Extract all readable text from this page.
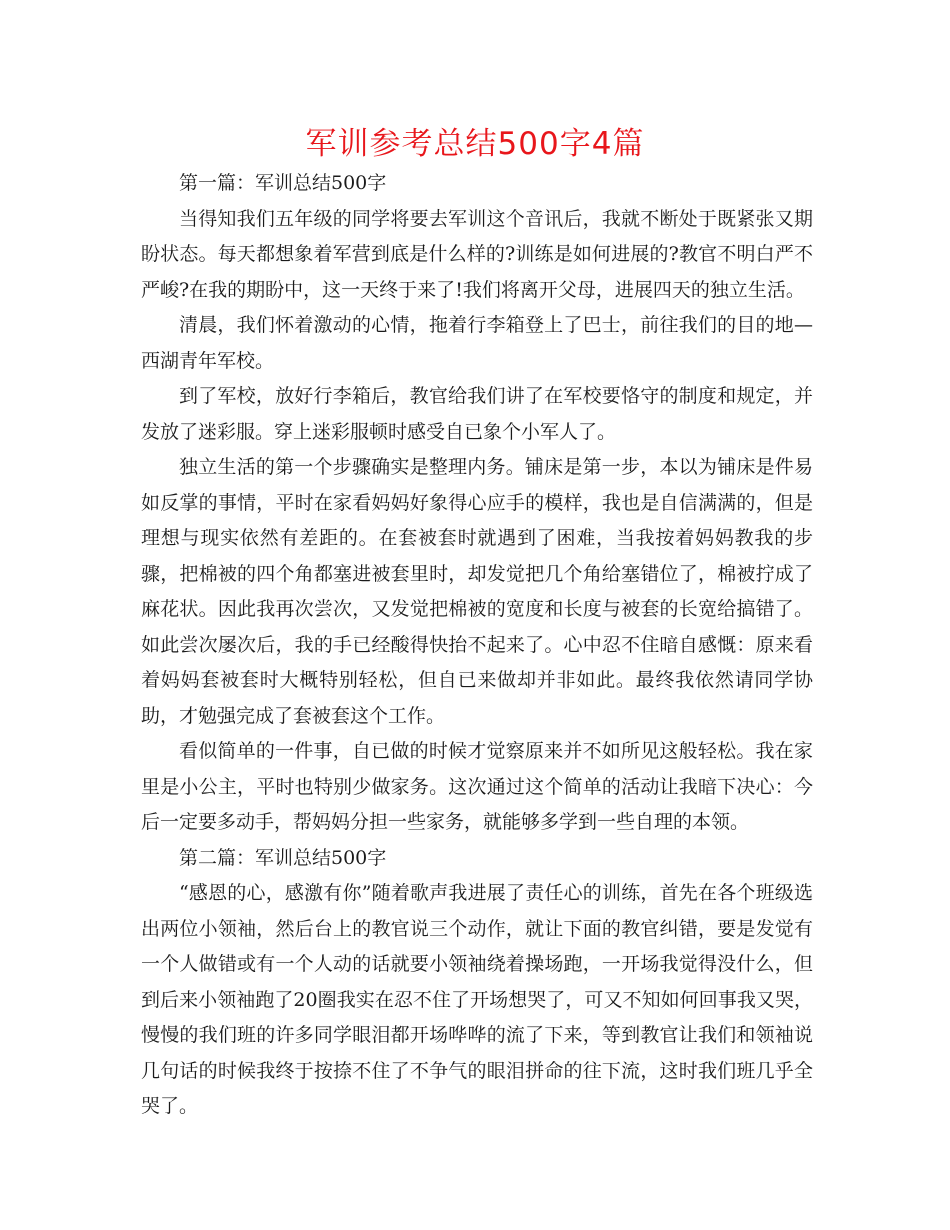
军训参考总结500字4篇

第一篇：军训总结500字

当得知我们五年级的同学将要去军训这个音讯后，我就不断处于既紧张又期盼状态。每天都想象着军营到底是什么样的?训练是如何进展的?教官不明白严不严峻?在我的期盼中，这一天终于来了!我们将离开父母，进展四天的独立生活。

清晨，我们怀着激动的心情，拖着行李箱登上了巴士，前往我们的目的地—西湖青年军校。

到了军校，放好行李箱后，教官给我们讲了在军校要恪守的制度和规定，并发放了迷彩服。穿上迷彩服顿时感受自已象个小军人了。

独立生活的第一个步骤确实是整理内务。铺床是第一步，本以为铺床是件易如反掌的事情，平时在家看妈妈好象得心应手的模样，我也是自信满满的，但是理想与现实依然有差距的。在套被套时就遇到了困难，当我按着妈妈教我的步骤，把棉被的四个角都塞进被套里时，却发觉把几个角给塞错位了，棉被拧成了麻花状。因此我再次尝次，又发觉把棉被的宽度和长度与被套的长宽给搞错了。如此尝次屡次后，我的手已经酸得快抬不起来了。心中忍不住暗自感慨：原来看着妈妈套被套时大概特别轻松，但自已来做却并非如此。最终我依然请同学协助，才勉强完成了套被套这个工作。

看似简单的一件事，自已做的时候才觉察原来并不如所见这般轻松。我在家里是小公主，平时也特别少做家务。这次通过这个简单的活动让我暗下决心：今后一定要多动手，帮妈妈分担一些家务，就能够多学到一些自理的本领。

第二篇：军训总结500字

“感恩的心，感激有你”随着歌声我进展了责任心的训练，首先在各个班级选出两位小领袖，然后台上的教官说三个动作，就让下面的教官纠错，要是发觉有一个人做错或有一个人动的话就要小领袖绕着操场跑，一开场我觉得没什么，但到后来小领袖跑了20圈我实在忍不住了开场想哭了，可又不知如何回事我又哭，慢慢的我们班的许多同学眼泪都开场哗哗的流了下来，等到教官让我们和领袖说几句话的时候我终于按捺不住了不争气的眼泪拼命的往下流，这时我们班几乎全哭了。
